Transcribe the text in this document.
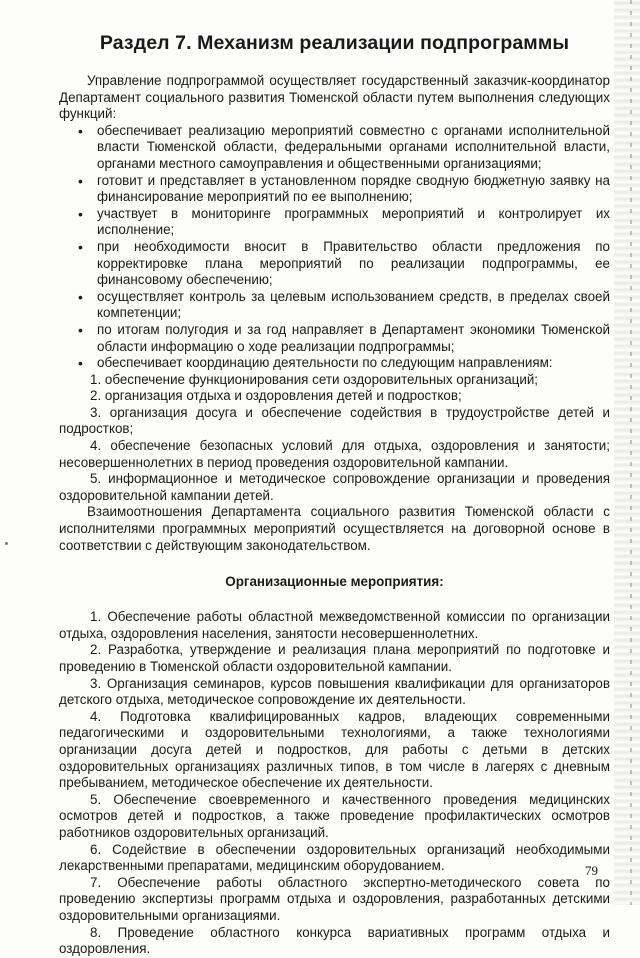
Раздел 7. Механизм реализации подпрограммы

Управление подпрограммой осуществляет государственный заказчик-координатор Департамент социального развития Тюменской области путем выполнения следующих функций:

• обеспечивает реализацию мероприятий совместно с органами исполнительной власти Тюменской области, федеральными органами исполнительной власти, органами местного самоуправления и общественными организациями;
• готовит и представляет в установленном порядке сводную бюджетную заявку на финансирование мероприятий по ее выполнению;
• участвует в мониторинге программных мероприятий и контролирует их исполнение;
• при необходимости вносит в Правительство области предложения по корректировке плана мероприятий по реализации подпрограммы, ее финансовому обеспечению;
• осуществляет контроль за целевым использованием средств, в пределах своей компетенции;
• по итогам полугодия и за год направляет в Департамент экономики Тюменской области информацию о ходе реализации подпрограммы;
• обеспечивает координацию деятельности по следующим направлениям:
1. обеспечение функционирования сети оздоровительных организаций;
2. организация отдыха и оздоровления детей и подростков;
3. организация досуга и обеспечение содействия в трудоустройстве детей и подростков;
4. обеспечение безопасных условий для отдыха, оздоровления и занятости; несовершеннолетних в период проведения оздоровительной кампании.
5. информационное и методическое сопровождение организации и проведения оздоровительной кампании детей.

Взаимоотношения Департамента социального развития Тюменской области с исполнителями программных мероприятий осуществляется на договорной основе в соответствии с действующим законодательством.

Организационные мероприятия:
1. Обеспечение работы областной межведомственной комиссии по организации отдыха, оздоровления населения, занятости несовершеннолетних.
2. Разработка, утверждение и реализация плана мероприятий по подготовке и проведению в Тюменской области оздоровительной кампании.
3. Организация семинаров, курсов повышения квалификации для организаторов детского отдыха, методическое сопровождение их деятельности.
4. Подготовка квалифицированных кадров, владеющих современными педагогическими и оздоровительными технологиями, а также технологиями организации досуга детей и подростков, для работы с детьми в детских оздоровительных организациях различных типов, в том числе в лагерях с дневным пребыванием, методическое обеспечение их деятельности.
5. Обеспечение своевременного и качественного проведения медицинских осмотров детей и подростков, а также проведение профилактических осмотров работников оздоровительных организаций.
6. Содействие в обеспечении оздоровительных организаций необходимыми лекарственными препаратами, медицинским оборудованием.
7. Обеспечение работы областного экспертно-методического совета по проведению экспертизы программ отдыха и оздоровления, разработанных детскими оздоровительными организациями.
8. Проведение областного конкурса вариативных программ отдыха и оздоровления.
79
